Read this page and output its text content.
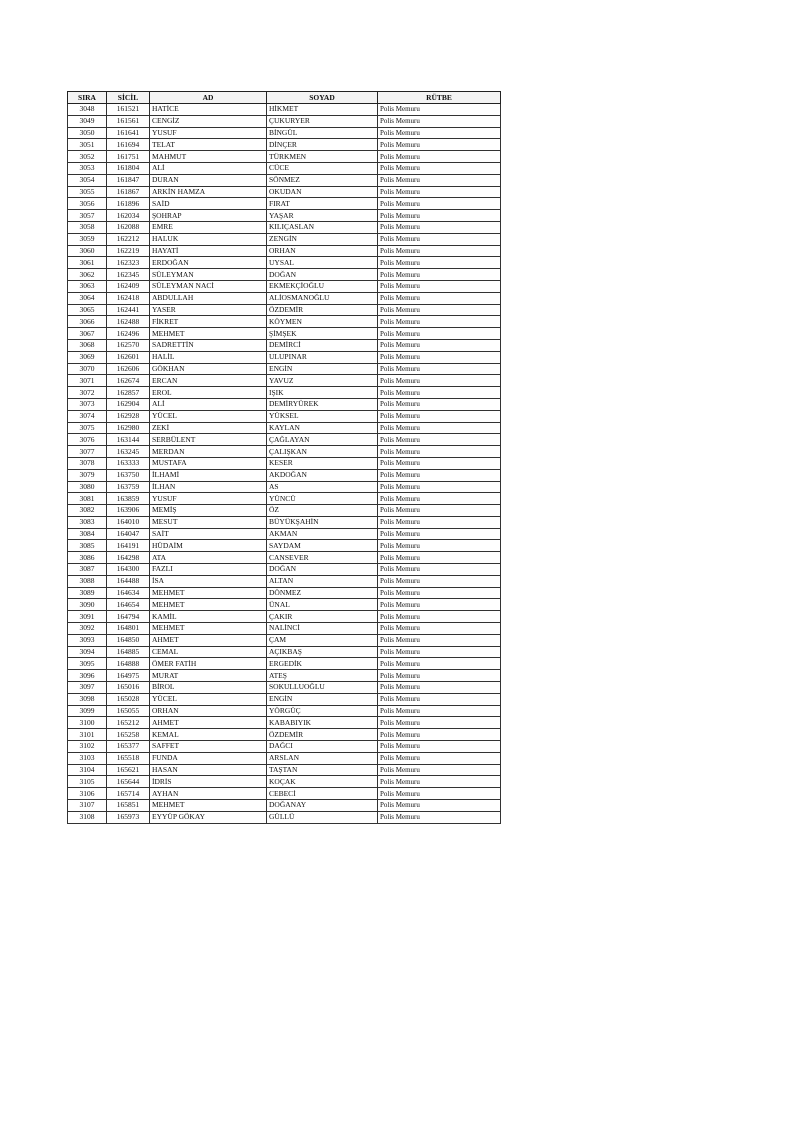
SIRA	SİCİL	AD	SOYAD	RÜTBE
3048	161521	HATİCE	HİKMET	Polis Memuru
3049	161561	CENGİZ	ÇUKURYER	Polis Memuru
3050	161641	YUSUF	BİNGÜL	Polis Memuru
3051	161694	TELAT	DİNÇER	Polis Memuru
3052	161751	MAHMUT	TÜRKMEN	Polis Memuru
3053	161804	ALİ	CÜCE	Polis Memuru
3054	161847	DURAN	SÖNMEZ	Polis Memuru
3055	161867	ARKİN HAMZA	OKUDAN	Polis Memuru
3056	161896	SAİD	FIRAT	Polis Memuru
3057	162034	ŞOHRAP	YAŞAR	Polis Memuru
3058	162088	EMRE	KILIÇASLAN	Polis Memuru
3059	162212	HALUK	ZENGİN	Polis Memuru
3060	162219	HAYATİ	ORHAN	Polis Memuru
3061	162323	ERDOĞAN	UYSAL	Polis Memuru
3062	162345	SÜLEYMAN	DOĞAN	Polis Memuru
3063	162409	SÜLEYMAN NACİ	EKMEKÇİOĞLU	Polis Memuru
3064	162418	ABDULLAH	ALİOSMANOĞLU	Polis Memuru
3065	162441	YASER	ÖZDEMİR	Polis Memuru
3066	162488	FİKRET	KÖYMEN	Polis Memuru
3067	162496	MEHMET	ŞİMŞEK	Polis Memuru
3068	162570	SADRETTİN	DEMİRCİ	Polis Memuru
3069	162601	HALİL	ULUPINAR	Polis Memuru
3070	162606	GÖKHAN	ENGİN	Polis Memuru
3071	162674	ERCAN	YAVUZ	Polis Memuru
3072	162857	EROL	IŞIK	Polis Memuru
3073	162904	ALİ	DEMİRYÜREK	Polis Memuru
3074	162928	YÜCEL	YÜKSEL	Polis Memuru
3075	162980	ZEKİ	KAYLAN	Polis Memuru
3076	163144	SERBÜLENT	ÇAĞLAYAN	Polis Memuru
3077	163245	MERDAN	ÇALIŞKAN	Polis Memuru
3078	163333	MUSTAFA	KESER	Polis Memuru
3079	163750	İLHAMİ	AKDOĞAN	Polis Memuru
3080	163759	İLHAN	AS	Polis Memuru
3081	163859	YUSUF	YÜNCÜ	Polis Memuru
3082	163906	MEMİŞ	ÖZ	Polis Memuru
3083	164010	MESUT	BÜYÜKŞAHİN	Polis Memuru
3084	164047	SAİT	AKMAN	Polis Memuru
3085	164191	HÜDAİM	SAYDAM	Polis Memuru
3086	164298	ATA	CANSEVER	Polis Memuru
3087	164300	FAZLI	DOĞAN	Polis Memuru
3088	164488	İSA	ALTAN	Polis Memuru
3089	164634	MEHMET	DÖNMEZ	Polis Memuru
3090	164654	MEHMET	ÜNAL	Polis Memuru
3091	164794	KAMİL	ÇAKIR	Polis Memuru
3092	164801	MEHMET	NALİNCİ	Polis Memuru
3093	164850	AHMET	ÇAM	Polis Memuru
3094	164885	CEMAL	AÇIKBAŞ	Polis Memuru
3095	164888	ÖMER FATİH	ERGEDİK	Polis Memuru
3096	164975	MURAT	ATEŞ	Polis Memuru
3097	165016	BİROL	SOKULLUOĞLU	Polis Memuru
3098	165028	YÜCEL	ENGİN	Polis Memuru
3099	165055	ORHAN	YÖRGÜÇ	Polis Memuru
3100	165212	AHMET	KABABIYIK	Polis Memuru
3101	165258	KEMAL	ÖZDEMİR	Polis Memuru
3102	165377	SAFFET	DAĞCI	Polis Memuru
3103	165518	FUNDA	ARSLAN	Polis Memuru
3104	165621	HASAN	TAŞTAN	Polis Memuru
3105	165644	İDRİS	KOÇAK	Polis Memuru
3106	165714	AYHAN	CEBECİ	Polis Memuru
3107	165851	MEHMET	DOĞANAY	Polis Memuru
3108	165973	EYYÜP GÖKAY	GÜLLÜ	Polis Memuru
